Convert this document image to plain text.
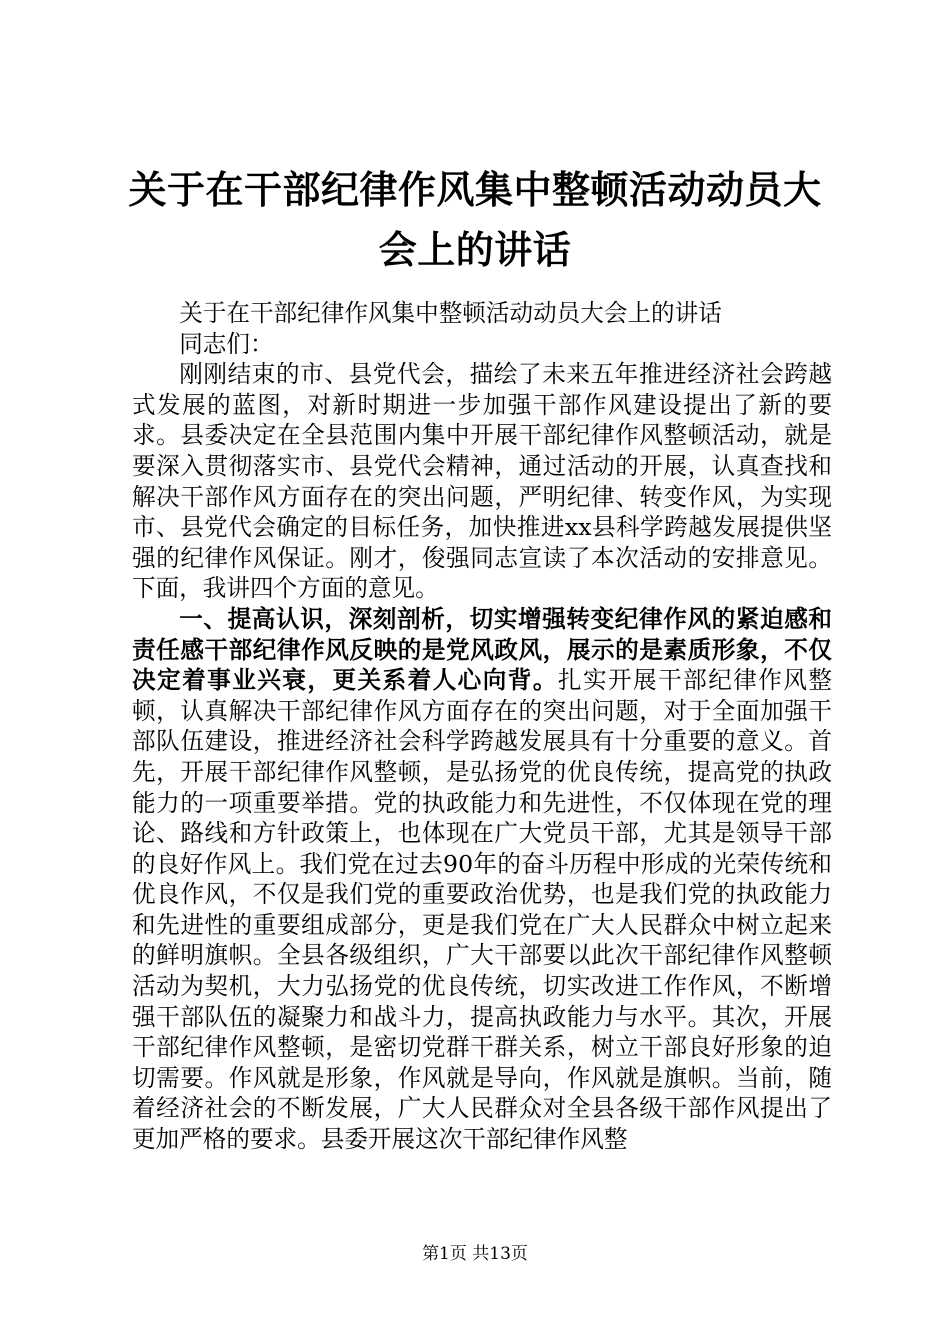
关于在干部纪律作风集中整顿活动动员大会上的讲话

关于在干部纪律作风集中整顿活动动员大会上的讲话

同志们：

刚刚结束的市、县党代会，描绘了未来五年推进经济社会跨越式发展的蓝图，对新时期进一步加强干部作风建设提出了新的要求。县委决定在全县范围内集中开展干部纪律作风整顿活动，就是要深入贯彻落实市、县党代会精神，通过活动的开展，认真查找和解决干部作风方面存在的突出问题，严明纪律、转变作风，为实现市、县党代会确定的目标任务，加快推进xx县科学跨越发展提供坚强的纪律作风保证。刚才，俊强同志宣读了本次活动的安排意见。下面，我讲四个方面的意见。

一、提高认识，深刻剖析，切实增强转变纪律作风的紧迫感和责任感干部纪律作风反映的是党风政风，展示的是素质形象，不仅决定着事业兴衰，更关系着人心向背。扎实开展干部纪律作风整顿，认真解决干部纪律作风方面存在的突出问题，对于全面加强干部队伍建设，推进经济社会科学跨越发展具有十分重要的意义。首先，开展干部纪律作风整顿，是弘扬党的优良传统，提高党的执政能力的一项重要举措。党的执政能力和先进性，不仅体现在党的理论、路线和方针政策上，也体现在广大党员干部，尤其是领导干部的良好作风上。我们党在过去90年的奋斗历程中形成的光荣传统和优良作风，不仅是我们党的重要政治优势，也是我们党的执政能力和先进性的重要组成部分，更是我们党在广大人民群众中树立起来的鲜明旗帜。全县各级组织，广大干部要以此次干部纪律作风整顿活动为契机，大力弘扬党的优良传统，切实改进工作作风，不断增强干部队伍的凝聚力和战斗力，提高执政能力与水平。其次，开展干部纪律作风整顿，是密切党群干群关系，树立干部良好形象的迫切需要。作风就是形象，作风就是导向，作风就是旗帜。当前，随着经济社会的不断发展，广大人民群众对全县各级干部作风提出了更加严格的要求。县委开展这次干部纪律作风整

第1页 共13页
